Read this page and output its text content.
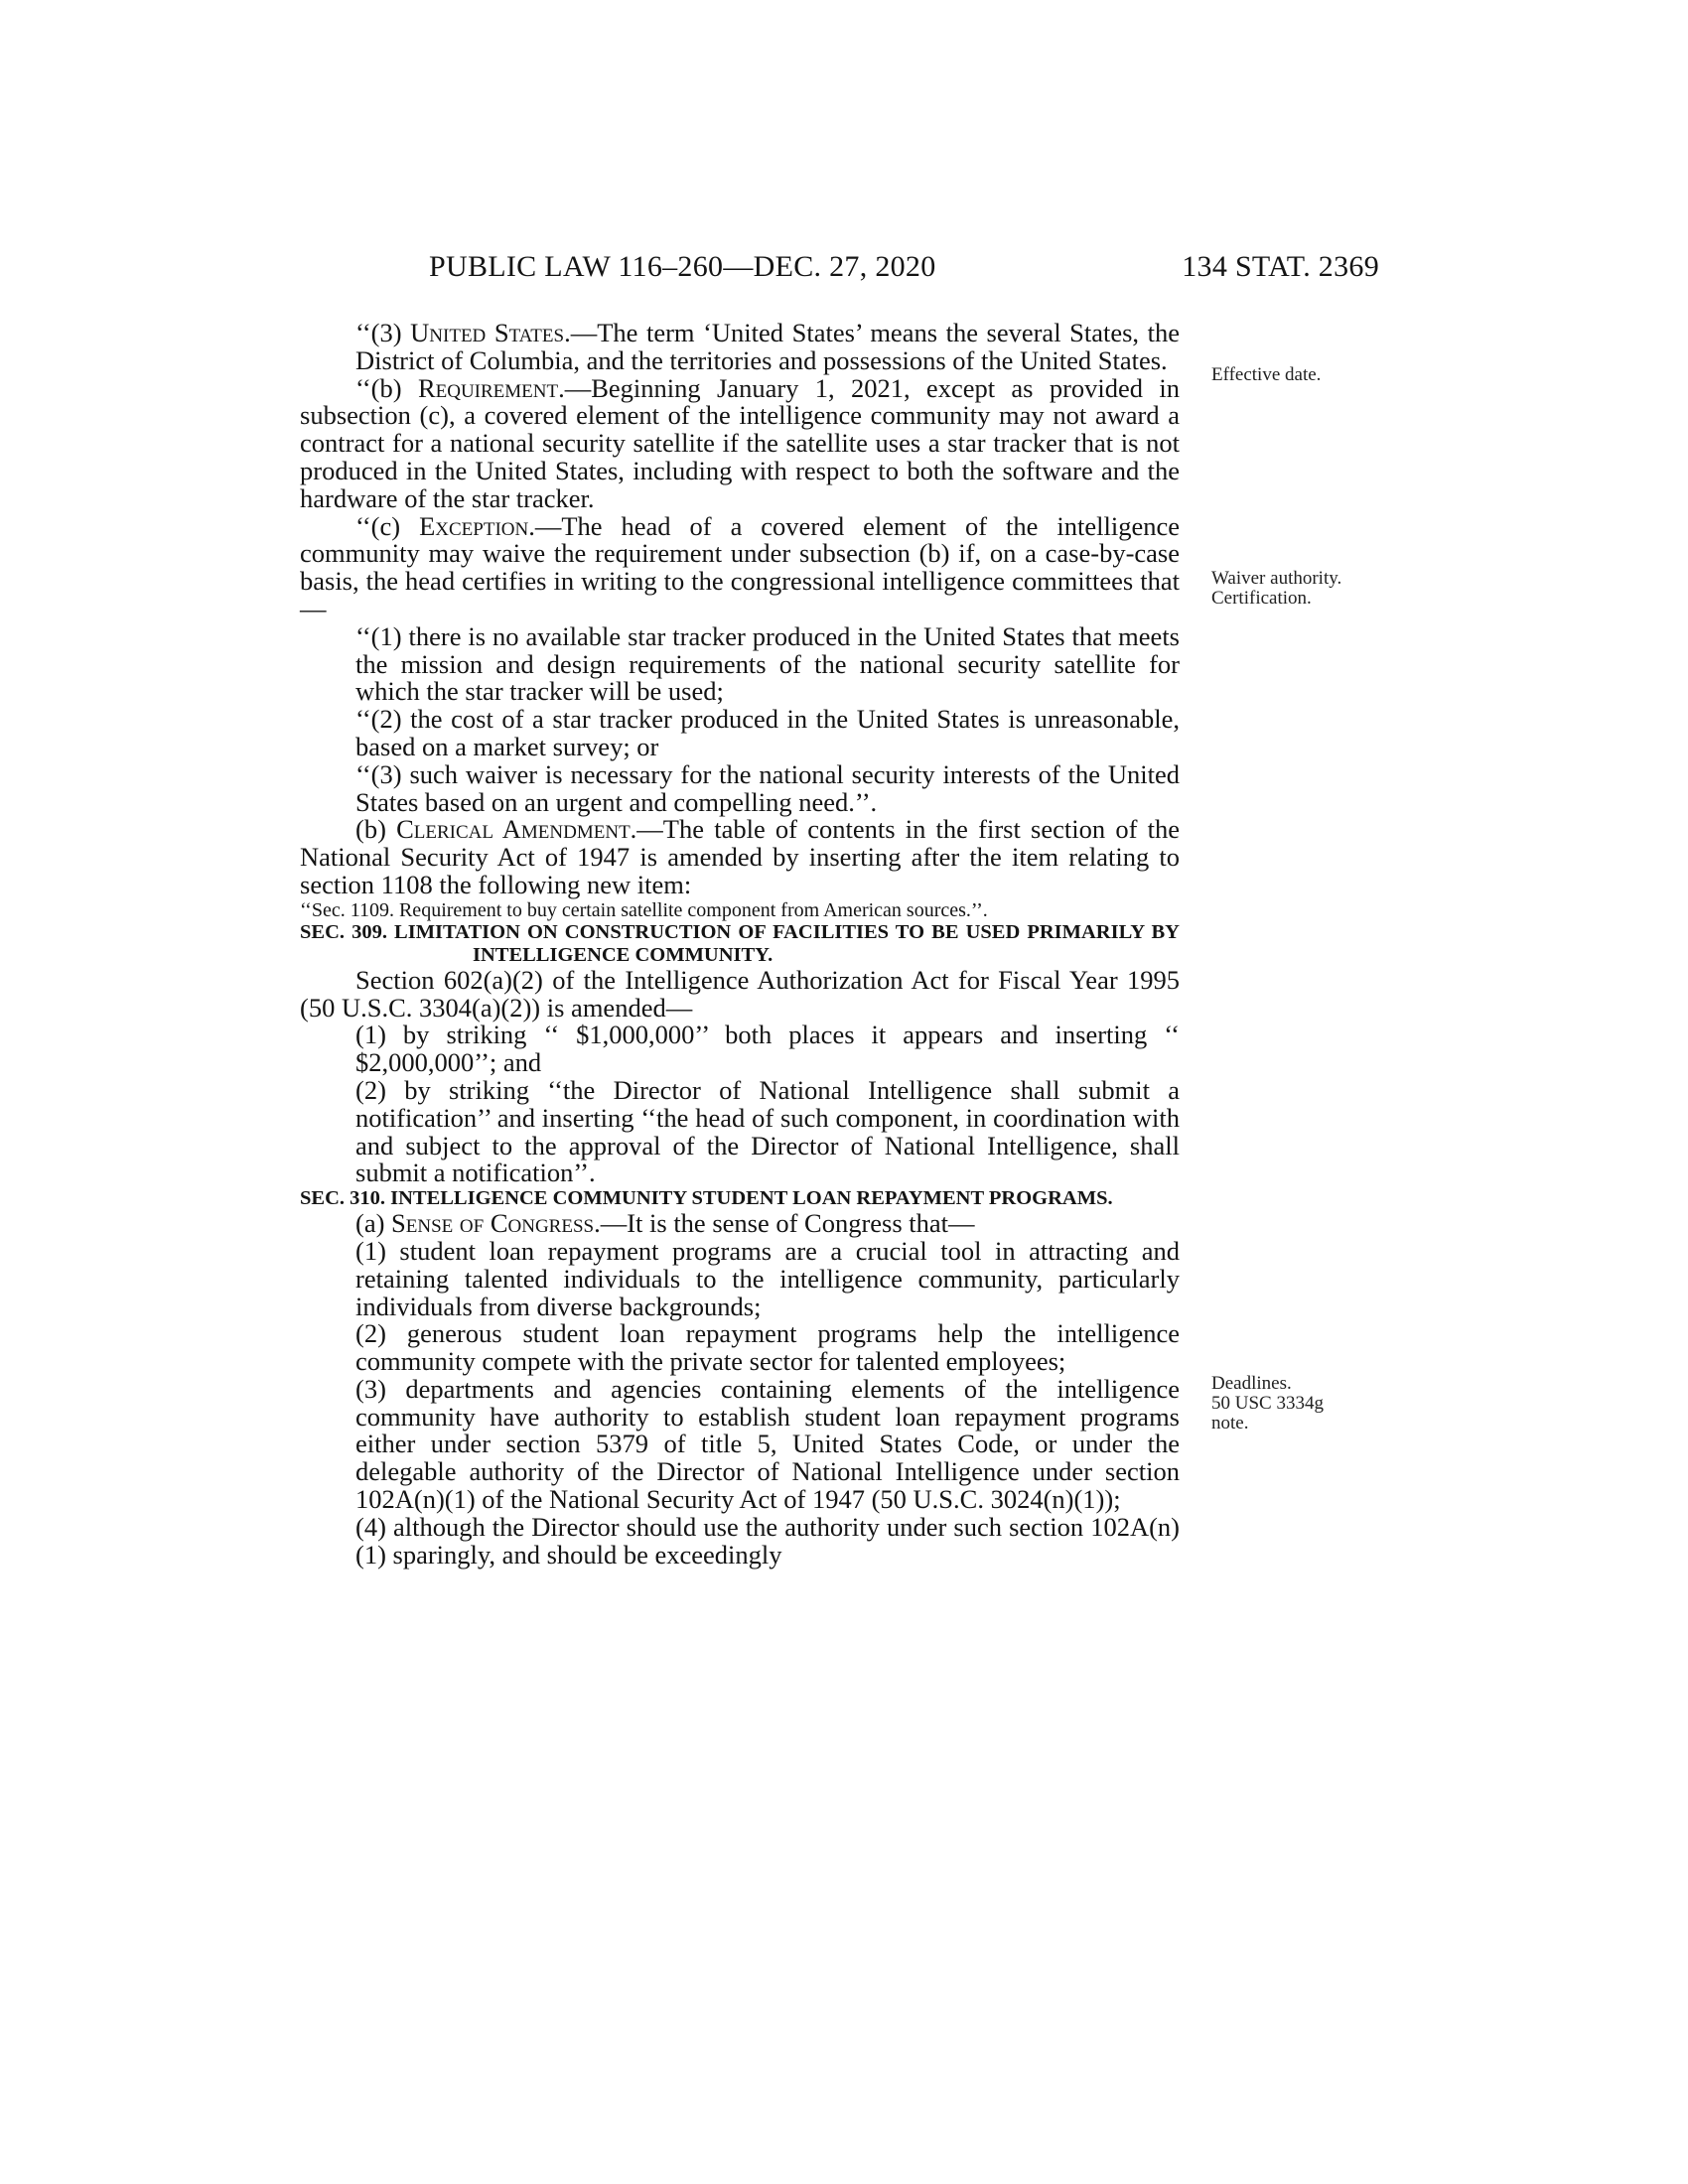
PUBLIC LAW 116–260—DEC. 27, 2020	134 STAT. 2369
Effective date.
Waiver authority.
Certification.
Deadlines.
50 USC 3334g
note.

‘‘(3) United States.—The term ‘United States’ means the several States, the District of Columbia, and the territories and possessions of the United States.

‘‘(b) Requirement.—Beginning January 1, 2021, except as provided in subsection (c), a covered element of the intelligence community may not award a contract for a national security satellite if the satellite uses a star tracker that is not produced in the United States, including with respect to both the software and the hardware of the star tracker.

‘‘(c) Exception.—The head of a covered element of the intelligence community may waive the requirement under subsection (b) if, on a case-by-case basis, the head certifies in writing to the congressional intelligence committees that—

‘‘(1) there is no available star tracker produced in the United States that meets the mission and design requirements of the national security satellite for which the star tracker will be used;

‘‘(2) the cost of a star tracker produced in the United States is unreasonable, based on a market survey; or

‘‘(3) such waiver is necessary for the national security interests of the United States based on an urgent and compelling need.’’.

(b) Clerical Amendment.—The table of contents in the first section of the National Security Act of 1947 is amended by inserting after the item relating to section 1108 the following new item:

‘‘Sec. 1109. Requirement to buy certain satellite component from American sources.’’.

SEC. 309. LIMITATION ON CONSTRUCTION OF FACILITIES TO BE USED PRIMARILY BY INTELLIGENCE COMMUNITY.

Section 602(a)(2) of the Intelligence Authorization Act for Fiscal Year 1995 (50 U.S.C. 3304(a)(2)) is amended—

(1) by striking ‘‘ $1,000,000’’ both places it appears and inserting ‘‘ $2,000,000’’; and

(2) by striking ‘‘the Director of National Intelligence shall submit a notification’’ and inserting ‘‘the head of such component, in coordination with and subject to the approval of the Director of National Intelligence, shall submit a notification’’.

SEC. 310. INTELLIGENCE COMMUNITY STUDENT LOAN REPAYMENT PROGRAMS.

(a) Sense of Congress.—It is the sense of Congress that—

(1) student loan repayment programs are a crucial tool in attracting and retaining talented individuals to the intelligence community, particularly individuals from diverse backgrounds;

(2) generous student loan repayment programs help the intelligence community compete with the private sector for talented employees;

(3) departments and agencies containing elements of the intelligence community have authority to establish student loan repayment programs either under section 5379 of title 5, United States Code, or under the delegable authority of the Director of National Intelligence under section 102A(n)(1) of the National Security Act of 1947 (50 U.S.C. 3024(n)(1));

(4) although the Director should use the authority under such section 102A(n)(1) sparingly, and should be exceedingly
